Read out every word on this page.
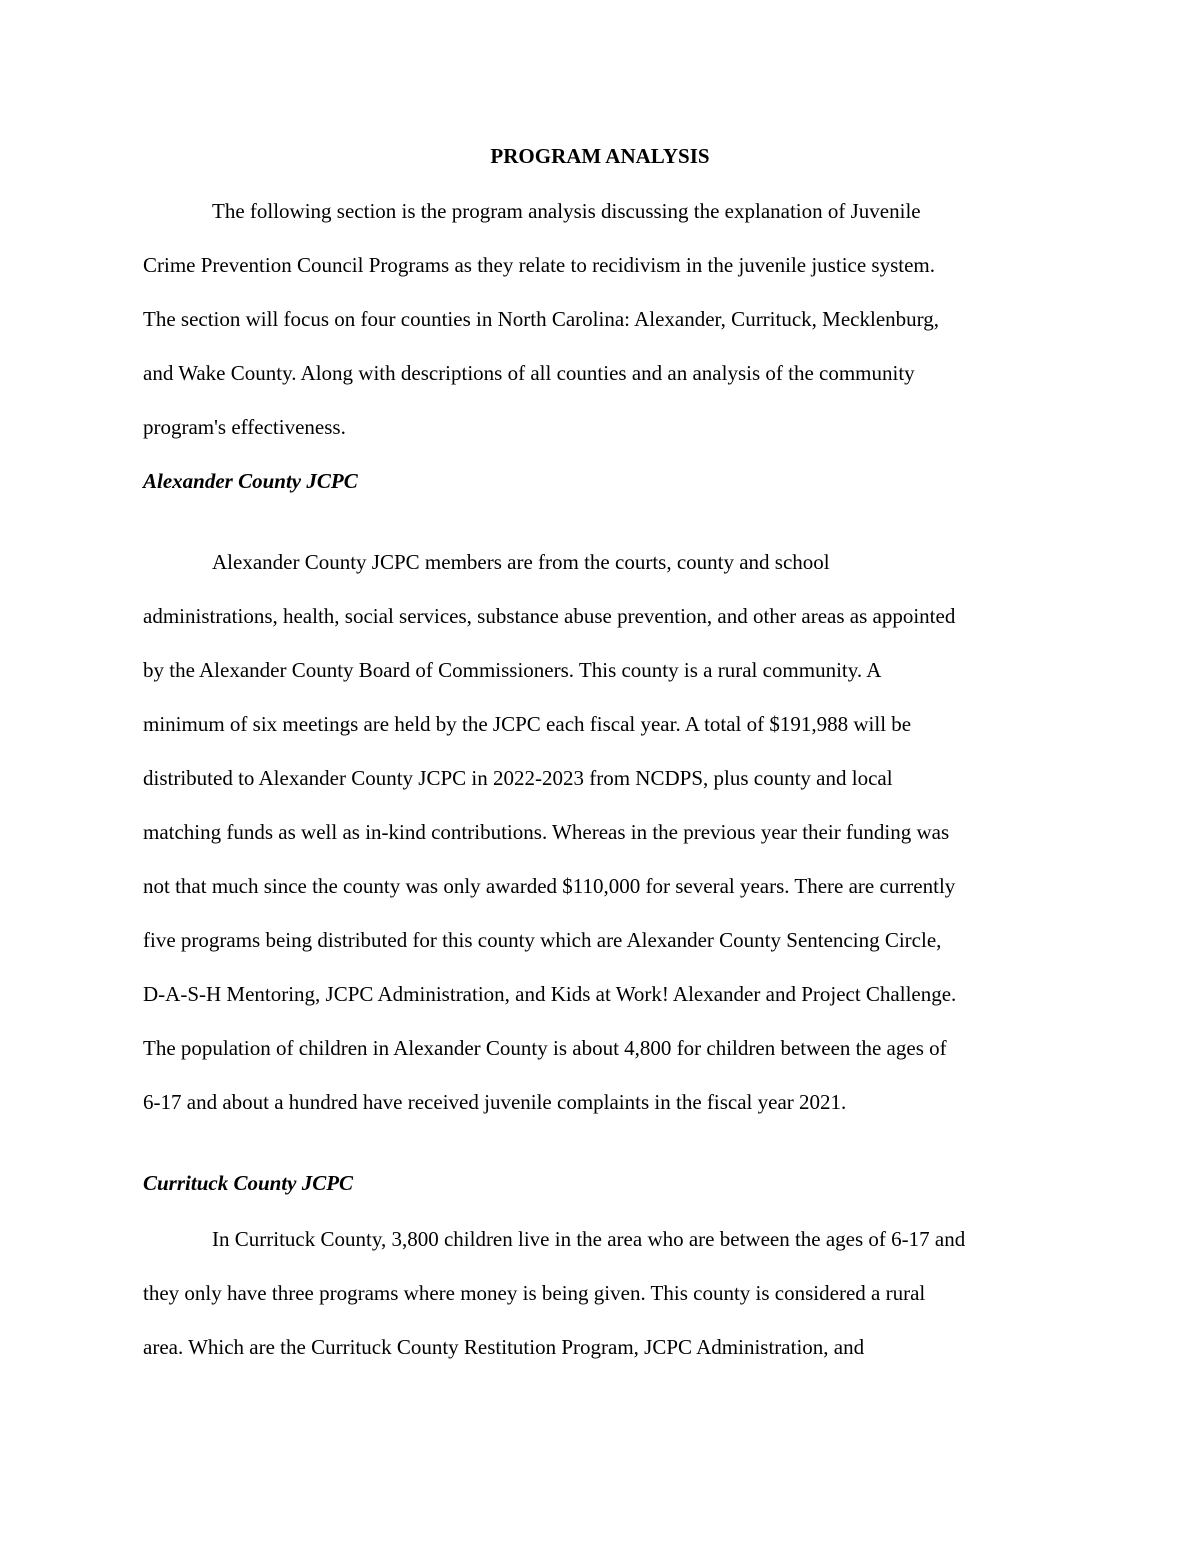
PROGRAM ANALYSIS

The following section is the program analysis discussing the explanation of Juvenile

Crime Prevention Council Programs as they relate to recidivism in the juvenile justice system.

The section will focus on four counties in North Carolina: Alexander, Currituck, Mecklenburg,

and Wake County. Along with descriptions of all counties and an analysis of the community

program's effectiveness.

Alexander County JCPC

Alexander County JCPC members are from the courts, county and school

administrations, health, social services, substance abuse prevention, and other areas as appointed

by the Alexander County Board of Commissioners. This county is a rural community. A

minimum of six meetings are held by the JCPC each fiscal year. A total of $191,988 will be

distributed to Alexander County JCPC in 2022-2023 from NCDPS, plus county and local

matching funds as well as in-kind contributions. Whereas in the previous year their funding was

not that much since the county was only awarded $110,000 for several years. There are currently

five programs being distributed for this county which are Alexander County Sentencing Circle,

D-A-S-H Mentoring, JCPC Administration, and Kids at Work! Alexander and Project Challenge.

The population of children in Alexander County is about 4,800 for children between the ages of

6-17 and about a hundred have received juvenile complaints in the fiscal year 2021.

Currituck County JCPC

In Currituck County, 3,800 children live in the area who are between the ages of 6-17 and

they only have three programs where money is being given. This county is considered a rural

area. Which are the Currituck County Restitution Program, JCPC Administration, and
